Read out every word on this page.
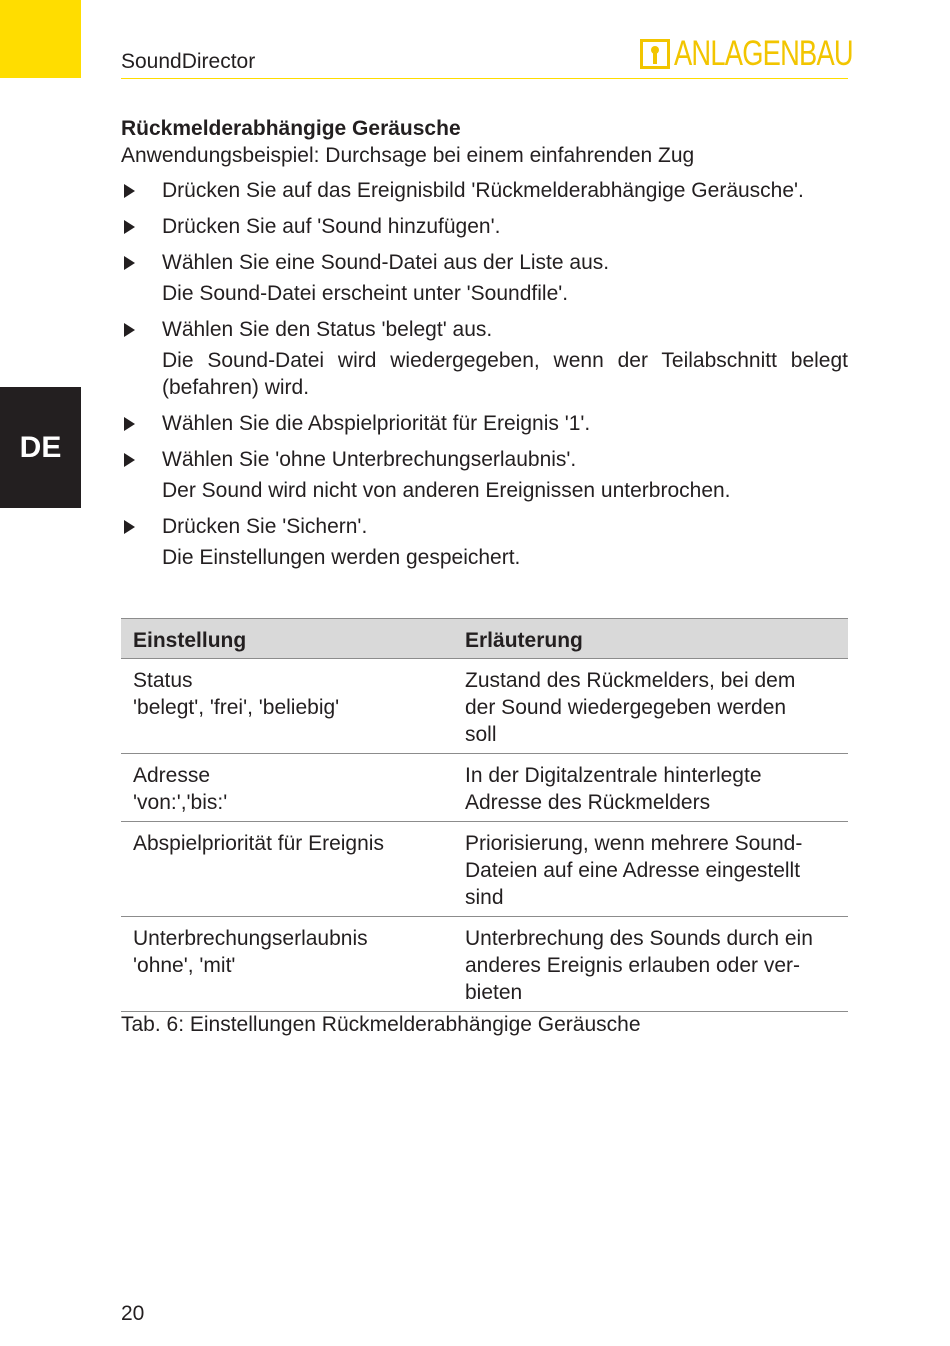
SoundDirector	ANLAGENBAU
DE
Rückmelderabhängige Geräusche
Anwendungsbeispiel: Durchsage bei einem einfahrenden Zug
Drücken Sie auf das Ereignisbild 'Rückmelderabhängige Geräusche'.
Drücken Sie auf 'Sound hinzufügen'.
Wählen Sie eine Sound-Datei aus der Liste aus.
Die Sound-Datei erscheint unter 'Soundfile'.
Wählen Sie den Status 'belegt' aus.
Die Sound-Datei wird wiedergegeben, wenn der Teilabschnitt belegt (befahren) wird.
Wählen Sie die Abspielpriorität für Ereignis '1'.
Wählen Sie 'ohne Unterbrechungserlaubnis'.
Der Sound wird nicht von anderen Ereignissen unterbrochen.
Drücken Sie 'Sichern'.
Die Einstellungen werden gespeichert.
Einstellung	Erläuterung

Status
'belegt', 'frei', 'beliebig'	Zustand des Rückmelders, bei dem
der Sound wiedergegeben werden
soll

Adresse
'von:','bis:'	In der Digitalzentrale hinterlegte
Adresse des Rückmelders

Abspielpriorität für Ereignis	Priorisierung, wenn mehrere Sound-
Dateien auf eine Adresse eingestellt
sind

Unterbrechungserlaubnis
'ohne', 'mit'	Unterbrechung des Sounds durch ein
anderes Ereignis erlauben oder ver-
bieten
Tab. 6: Einstellungen Rückmelderabhängige Geräusche
20
